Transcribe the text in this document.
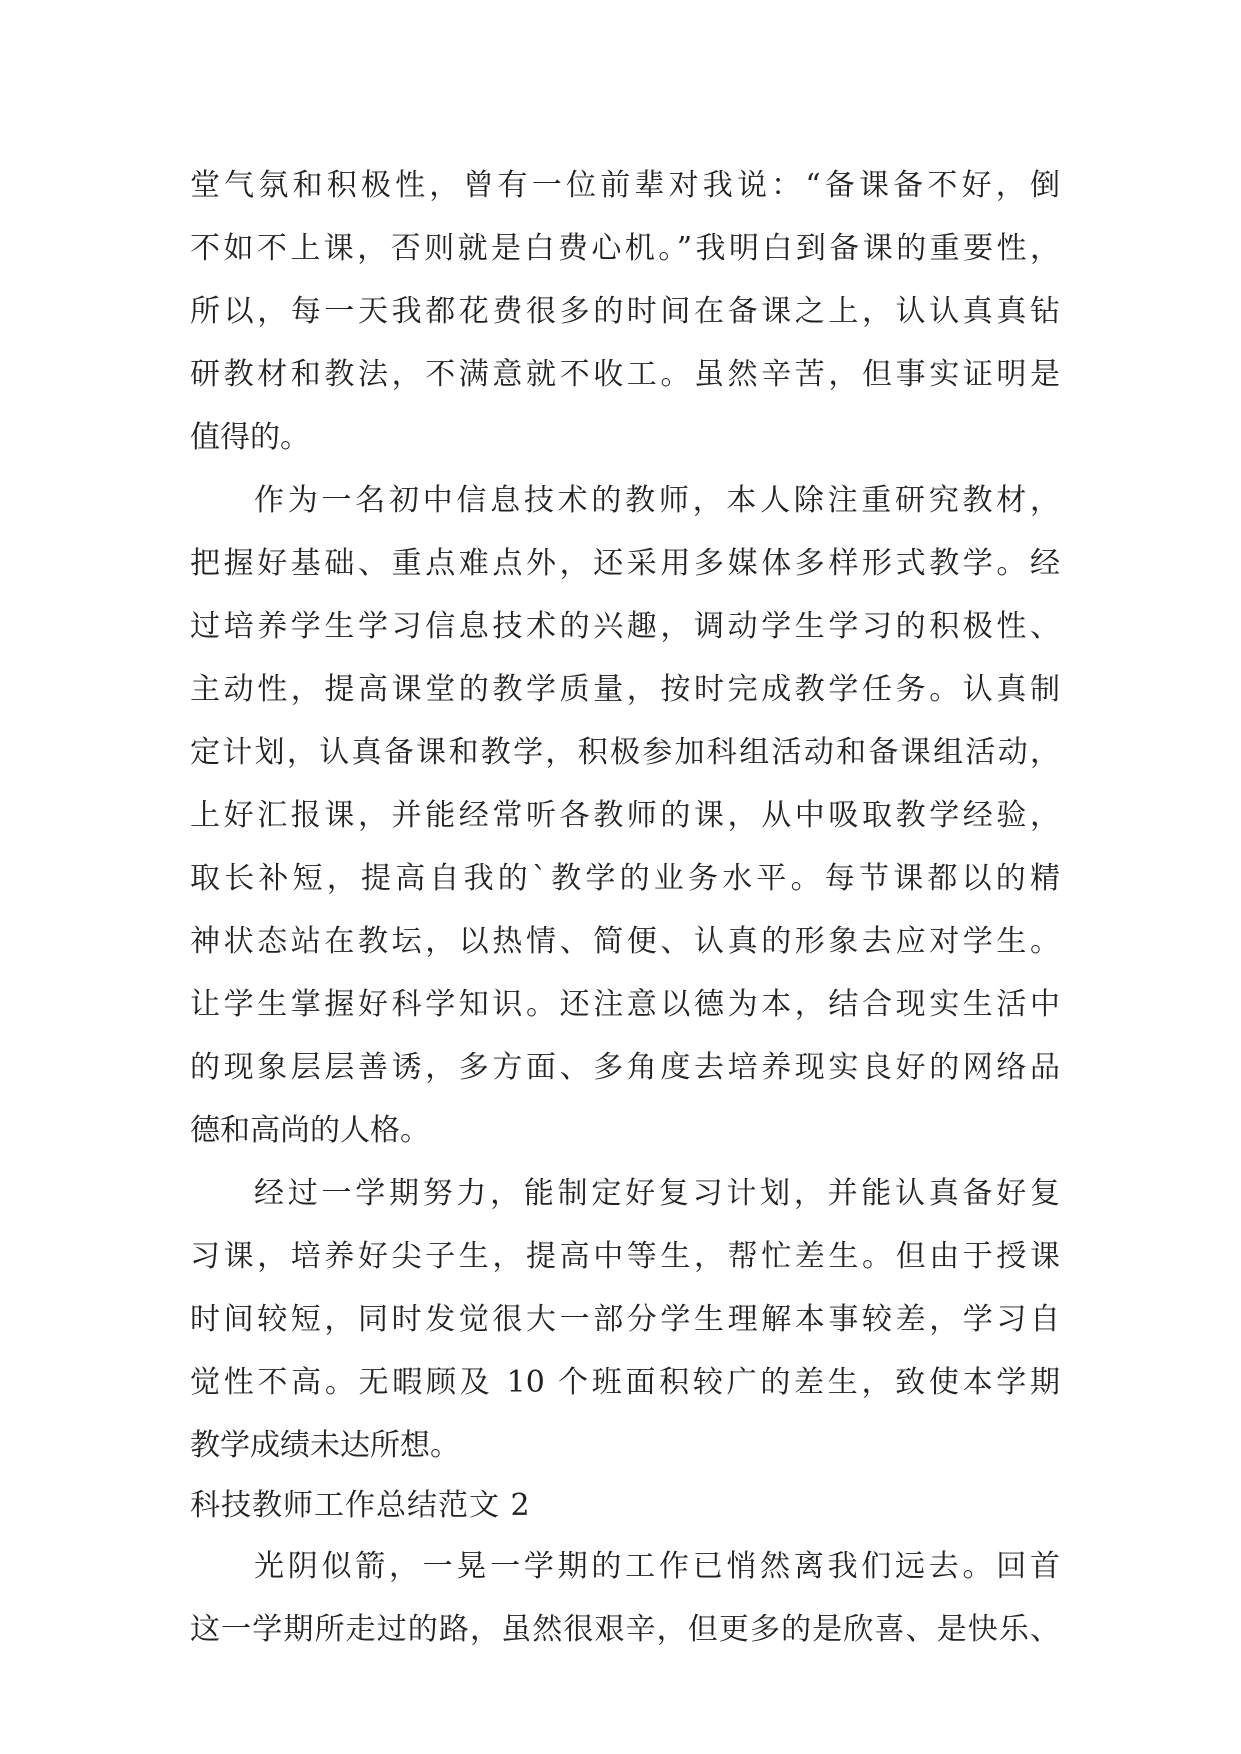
堂气氛和积极性，曾有一位前辈对我说：“备课备不好，倒
不如不上课，否则就是白费心机。”我明白到备课的重要性，
所以，每一天我都花费很多的时间在备课之上，认认真真钻
研教材和教法，不满意就不收工。虽然辛苦，但事实证明是
值得的。
作为一名初中信息技术的教师，本人除注重研究教材，
把握好基础、重点难点外，还采用多媒体多样形式教学。经
过培养学生学习信息技术的兴趣，调动学生学习的积极性、
主动性，提高课堂的教学质量，按时完成教学任务。认真制
定计划，认真备课和教学，积极参加科组活动和备课组活动，
上好汇报课，并能经常听各教师的课，从中吸取教学经验，
取长补短，提高自我的`教学的业务水平。每节课都以的精
神状态站在教坛，以热情、简便、认真的形象去应对学生。
让学生掌握好科学知识。还注意以德为本，结合现实生活中
的现象层层善诱，多方面、多角度去培养现实良好的网络品
德和高尚的人格。
经过一学期努力，能制定好复习计划，并能认真备好复
习课，培养好尖子生，提高中等生，帮忙差生。但由于授课
时间较短，同时发觉很大一部分学生理解本事较差，学习自
觉性不高。无暇顾及 10 个班面积较广的差生，致使本学期
教学成绩未达所想。
科技教师工作总结范文 2
光阴似箭，一晃一学期的工作已悄然离我们远去。回首
这一学期所走过的路，虽然很艰辛，但更多的是欣喜、是快乐、
